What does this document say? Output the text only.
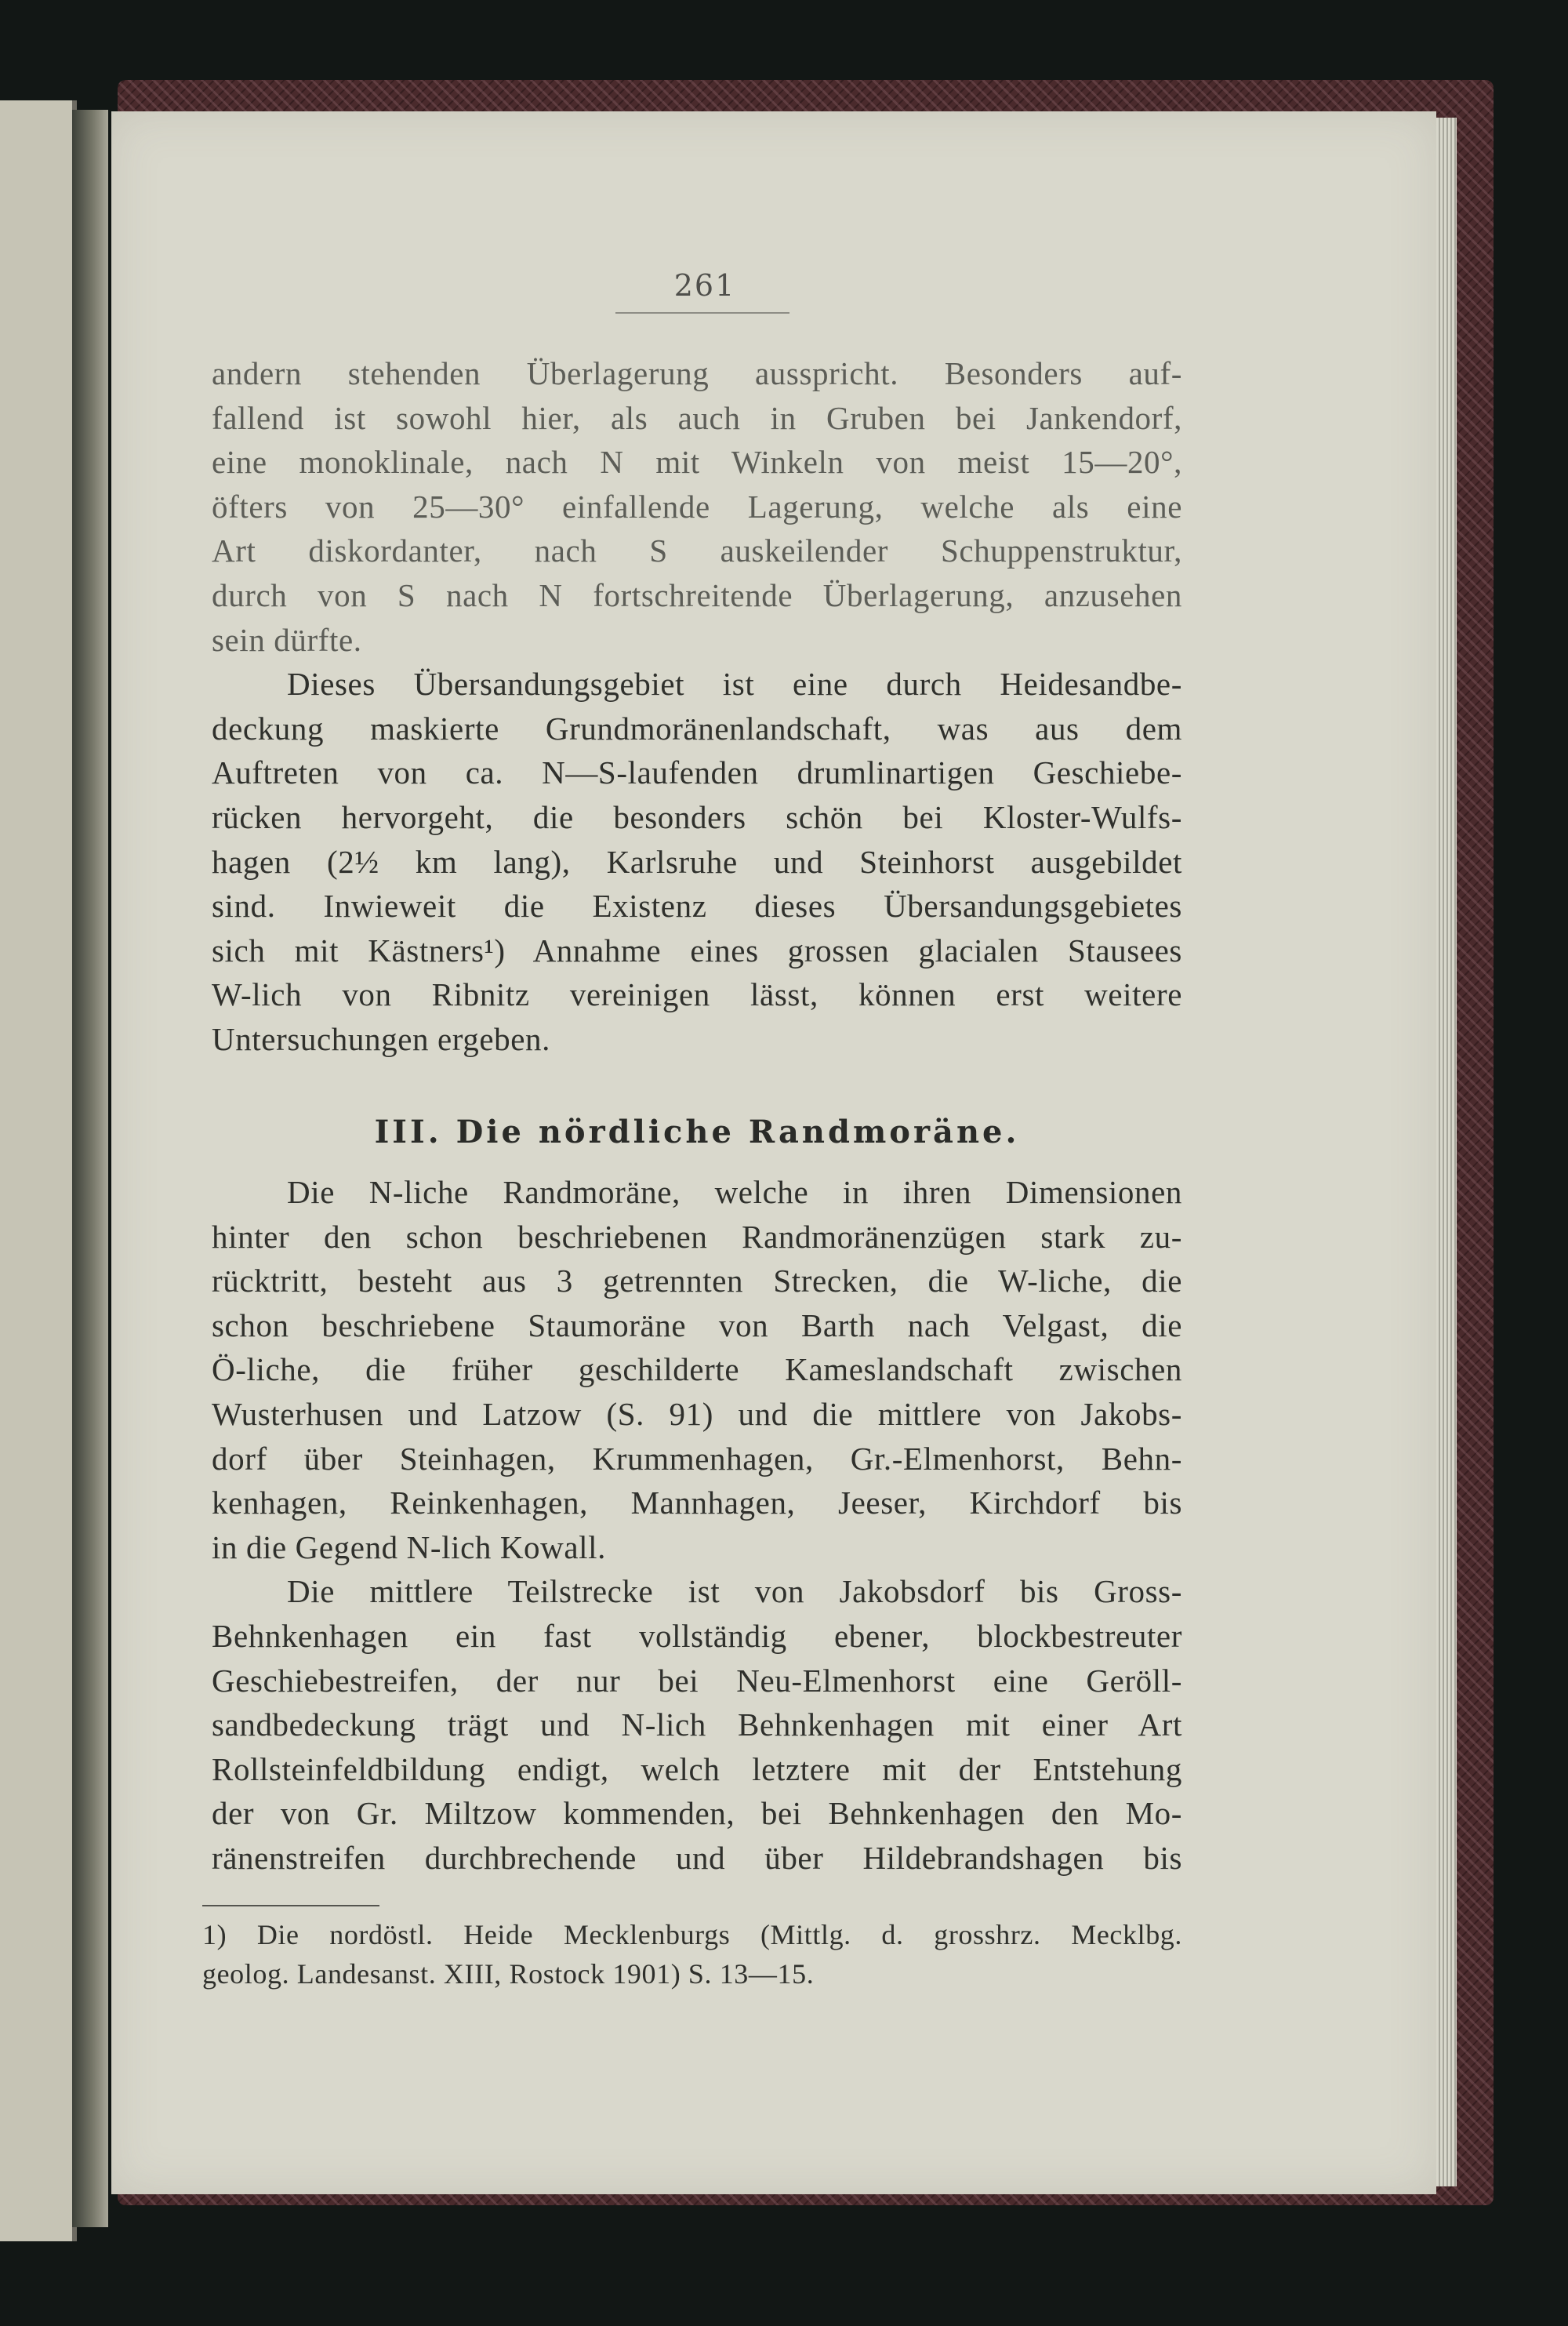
261
andern stehenden Überlagerung ausspricht. Besonders auf-
fallend ist sowohl hier, als auch in Gruben bei Jankendorf,
eine monoklinale, nach N mit Winkeln von meist 15—20°,
öfters von 25—30° einfallende Lagerung, welche als eine
Art diskordanter, nach S auskeilender Schuppenstruktur,
durch von S nach N fortschreitende Überlagerung, anzusehen
sein dürfte.
Dieses Übersandungsgebiet ist eine durch Heidesandbe-
deckung maskierte Grundmoränenlandschaft, was aus dem
Auftreten von ca. N—S-laufenden drumlinartigen Geschiebe-
rücken hervorgeht, die besonders schön bei Kloster-Wulfs-
hagen (2½ km lang), Karlsruhe und Steinhorst ausgebildet
sind. Inwieweit die Existenz dieses Übersandungsgebietes
sich mit Kästners¹) Annahme eines grossen glacialen Stausees
W-lich von Ribnitz vereinigen lässt, können erst weitere
Untersuchungen ergeben.
III. Die nördliche Randmoräne.
Die N-liche Randmoräne, welche in ihren Dimensionen
hinter den schon beschriebenen Randmoränenzügen stark zu-
rücktritt, besteht aus 3 getrennten Strecken, die W-liche, die
schon beschriebene Staumoräne von Barth nach Velgast, die
Ö-liche, die früher geschilderte Kameslandschaft zwischen
Wusterhusen und Latzow (S. 91) und die mittlere von Jakobs-
dorf über Steinhagen, Krummenhagen, Gr.-Elmenhorst, Behn-
kenhagen, Reinkenhagen, Mannhagen, Jeeser, Kirchdorf bis
in die Gegend N-lich Kowall.
Die mittlere Teilstrecke ist von Jakobsdorf bis Gross-
Behnkenhagen ein fast vollständig ebener, blockbestreuter
Geschiebestreifen, der nur bei Neu-Elmenhorst eine Geröll-
sandbedeckung trägt und N-lich Behnkenhagen mit einer Art
Rollsteinfeldbildung endigt, welch letztere mit der Entstehung
der von Gr. Miltzow kommenden, bei Behnkenhagen den Mo-
ränenstreifen durchbrechende und über Hildebrandshagen bis
1) Die nordöstl. Heide Mecklenburgs (Mittlg. d. grosshrz. Mecklbg.
geolog. Landesanst. XIII, Rostock 1901) S. 13—15.
